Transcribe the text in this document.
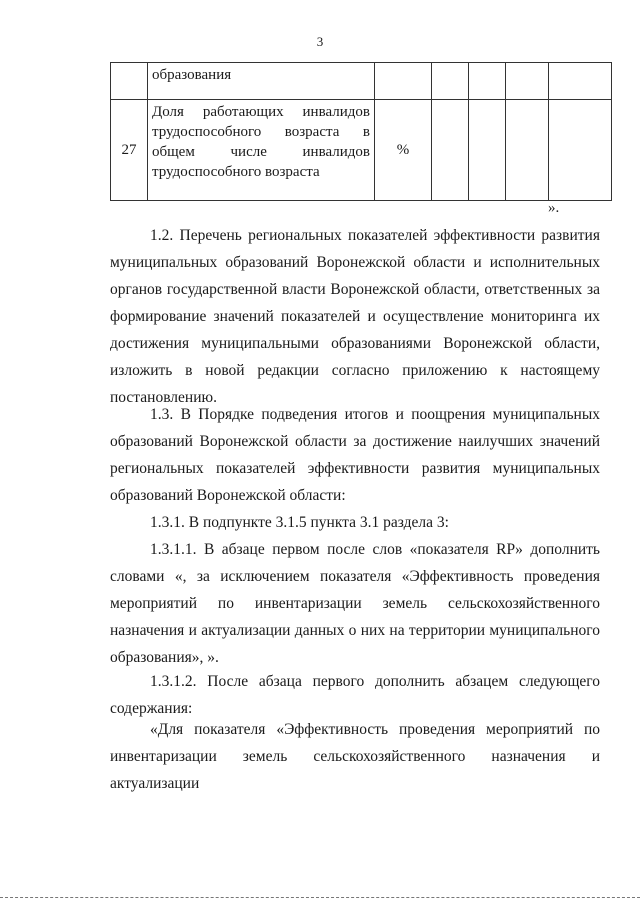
3
	образования					
27	Доля работающих инвалидов
трудоспособного возраста в
общем числе инвалидов
трудоспособного возраста	%				
».
1.2. Перечень региональных показателей эффективности развития
муниципальных образований Воронежской области и исполнительных
органов государственной власти Воронежской области, ответственных за
формирование значений показателей и осуществление мониторинга их
достижения муниципальными образованиями Воронежской области,
изложить в новой редакции согласно приложению к настоящему
постановлению.
1.3. В Порядке подведения итогов и поощрения муниципальных
образований Воронежской области за достижение наилучших значений
региональных показателей эффективности развития муниципальных
образований Воронежской области:
1.3.1. В подпункте 3.1.5 пункта 3.1 раздела 3:
1.3.1.1. В абзаце первом после слов «показателя RP» дополнить
словами «, за исключением показателя «Эффективность проведения
мероприятий по инвентаризации земель сельскохозяйственного
назначения и актуализации данных о них на территории муниципального
образования», ».
1.3.1.2. После абзаца первого дополнить абзацем следующего
содержания:
«Для показателя «Эффективность проведения мероприятий по
инвентаризации земель сельскохозяйственного назначения и актуализации
